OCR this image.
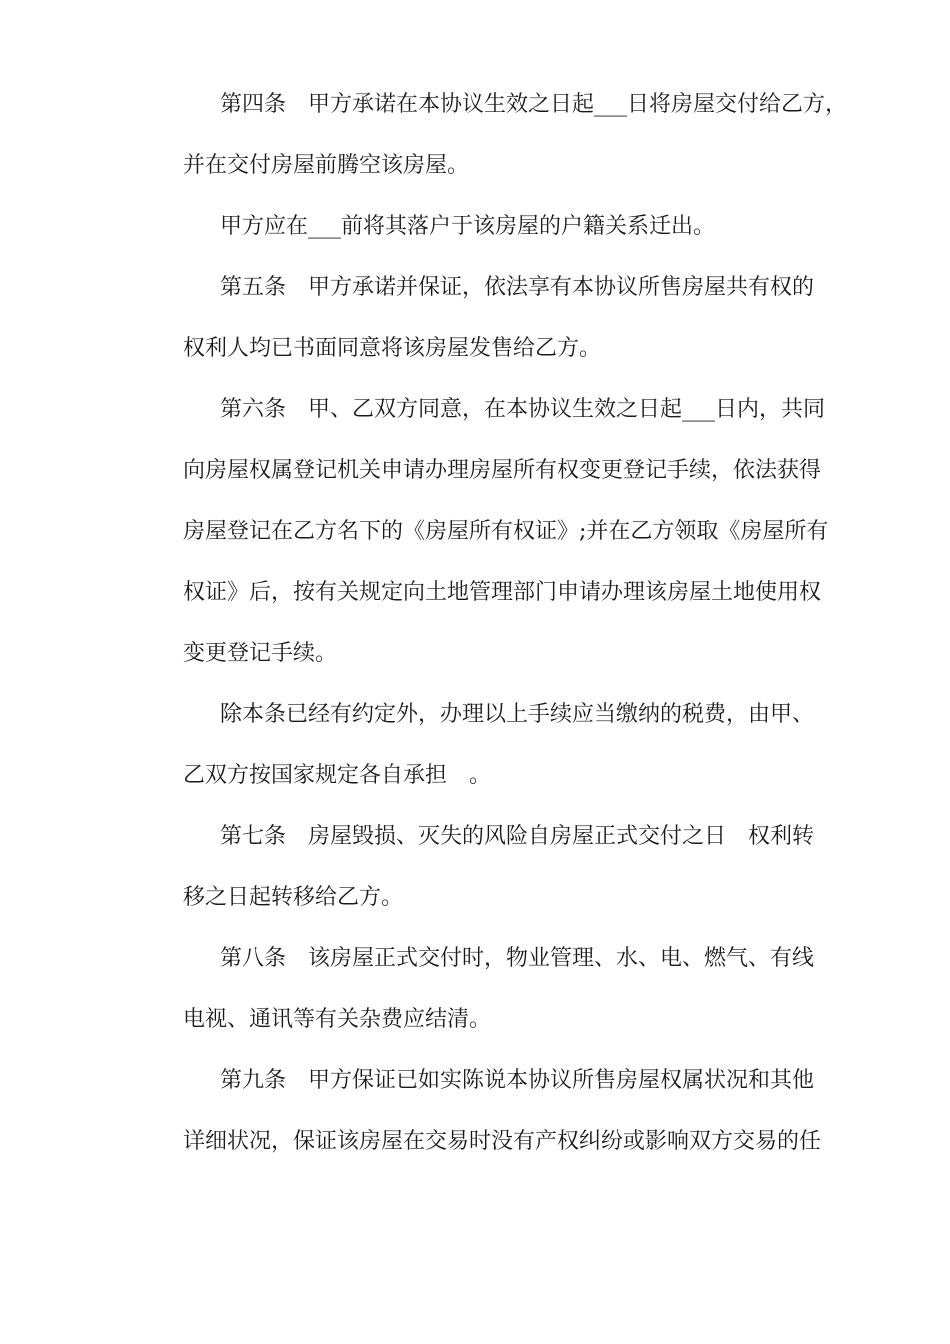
第四条　甲方承诺在本协议生效之日起___日将房屋交付给乙方，
并在交付房屋前腾空该房屋。
甲方应在___前将其落户于该房屋的户籍关系迁出。
第五条　甲方承诺并保证，依法享有本协议所售房屋共有权的
权利人均已书面同意将该房屋发售给乙方。
第六条　甲、乙双方同意，在本协议生效之日起___日内，共同
向房屋权属登记机关申请办理房屋所有权变更登记手续，依法获得
房屋登记在乙方名下的《房屋所有权证》;并在乙方领取《房屋所有
权证》后，按有关规定向土地管理部门申请办理该房屋土地使用权
变更登记手续。
除本条已经有约定外，办理以上手续应当缴纳的税费，由甲、
乙双方按国家规定各自承担　。
第七条　房屋毁损、灭失的风险自房屋正式交付之日　权利转
移之日起转移给乙方。
第八条　该房屋正式交付时，物业管理、水、电、燃气、有线
电视、通讯等有关杂费应结清。
第九条　甲方保证已如实陈说本协议所售房屋权属状况和其他
详细状况，保证该房屋在交易时没有产权纠纷或影响双方交易的任
